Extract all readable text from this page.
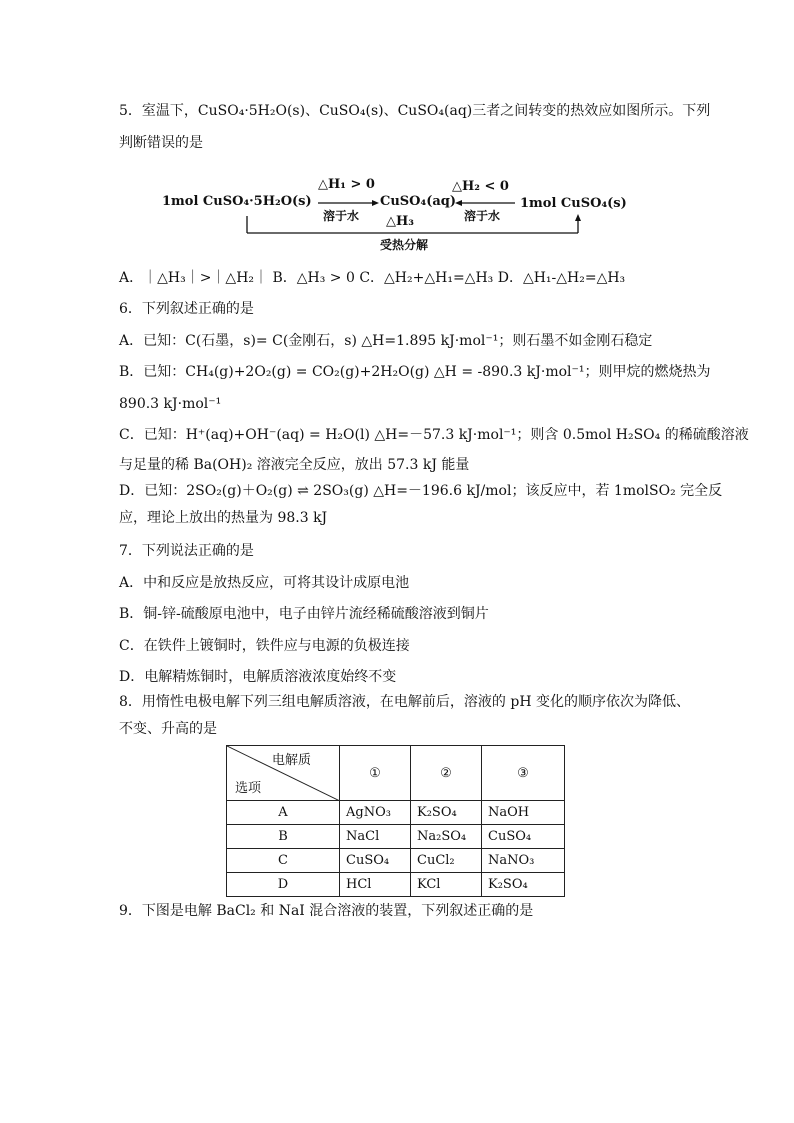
5．室温下，CuSO₄·5H₂O(s)、CuSO₄(s)、CuSO₄(aq)三者之间转变的热效应如图所示。下列
判断错误的是
1mol CuSO₄·5H₂O(s)	CuSO₄(aq)	1mol CuSO₄(s)
△H₁ > 0
溶于水
△H₂ < 0
溶于水
△H₃
受热分解
A．｜△H₃｜>｜△H₂｜ B．△H₃ > 0 C．△H₂+△H₁=△H₃ D．△H₁-△H₂=△H₃
6．下列叙述正确的是
A．已知：C(石墨，s)= C(金刚石，s) △H=1.895 kJ·mol⁻¹；则石墨不如金刚石稳定
B．已知：CH₄(g)+2O₂(g) = CO₂(g)+2H₂O(g) △H = -890.3 kJ·mol⁻¹；则甲烷的燃烧热为
890.3 kJ·mol⁻¹
C．已知：H⁺(aq)+OH⁻(aq) = H₂O(l) △H=－57.3 kJ·mol⁻¹；则含 0.5mol H₂SO₄ 的稀硫酸溶液
与足量的稀 Ba(OH)₂ 溶液完全反应，放出 57.3 kJ 能量
D．已知：2SO₂(g)＋O₂(g) ⇌ 2SO₃(g) △H=－196.6 kJ/mol；该反应中，若 1molSO₂ 完全反
应，理论上放出的热量为 98.3 kJ
7．下列说法正确的是
A．中和反应是放热反应，可将其设计成原电池
B．铜-锌-硫酸原电池中，电子由锌片流经稀硫酸溶液到铜片
C．在铁件上镀铜时，铁件应与电源的负极连接
D．电解精炼铜时，电解质溶液浓度始终不变
8．用惰性电极电解下列三组电解质溶液，在电解前后，溶液的 pH 变化的顺序依次为降低、
不变、升高的是
电解质
选项	①	②	③
A	AgNO₃	K₂SO₄	NaOH
B	NaCl	Na₂SO₄	CuSO₄
C	CuSO₄	CuCl₂	NaNO₃
D	HCl	KCl	K₂SO₄
9．下图是电解 BaCl₂ 和 NaI 混合溶液的装置，下列叙述正确的是
